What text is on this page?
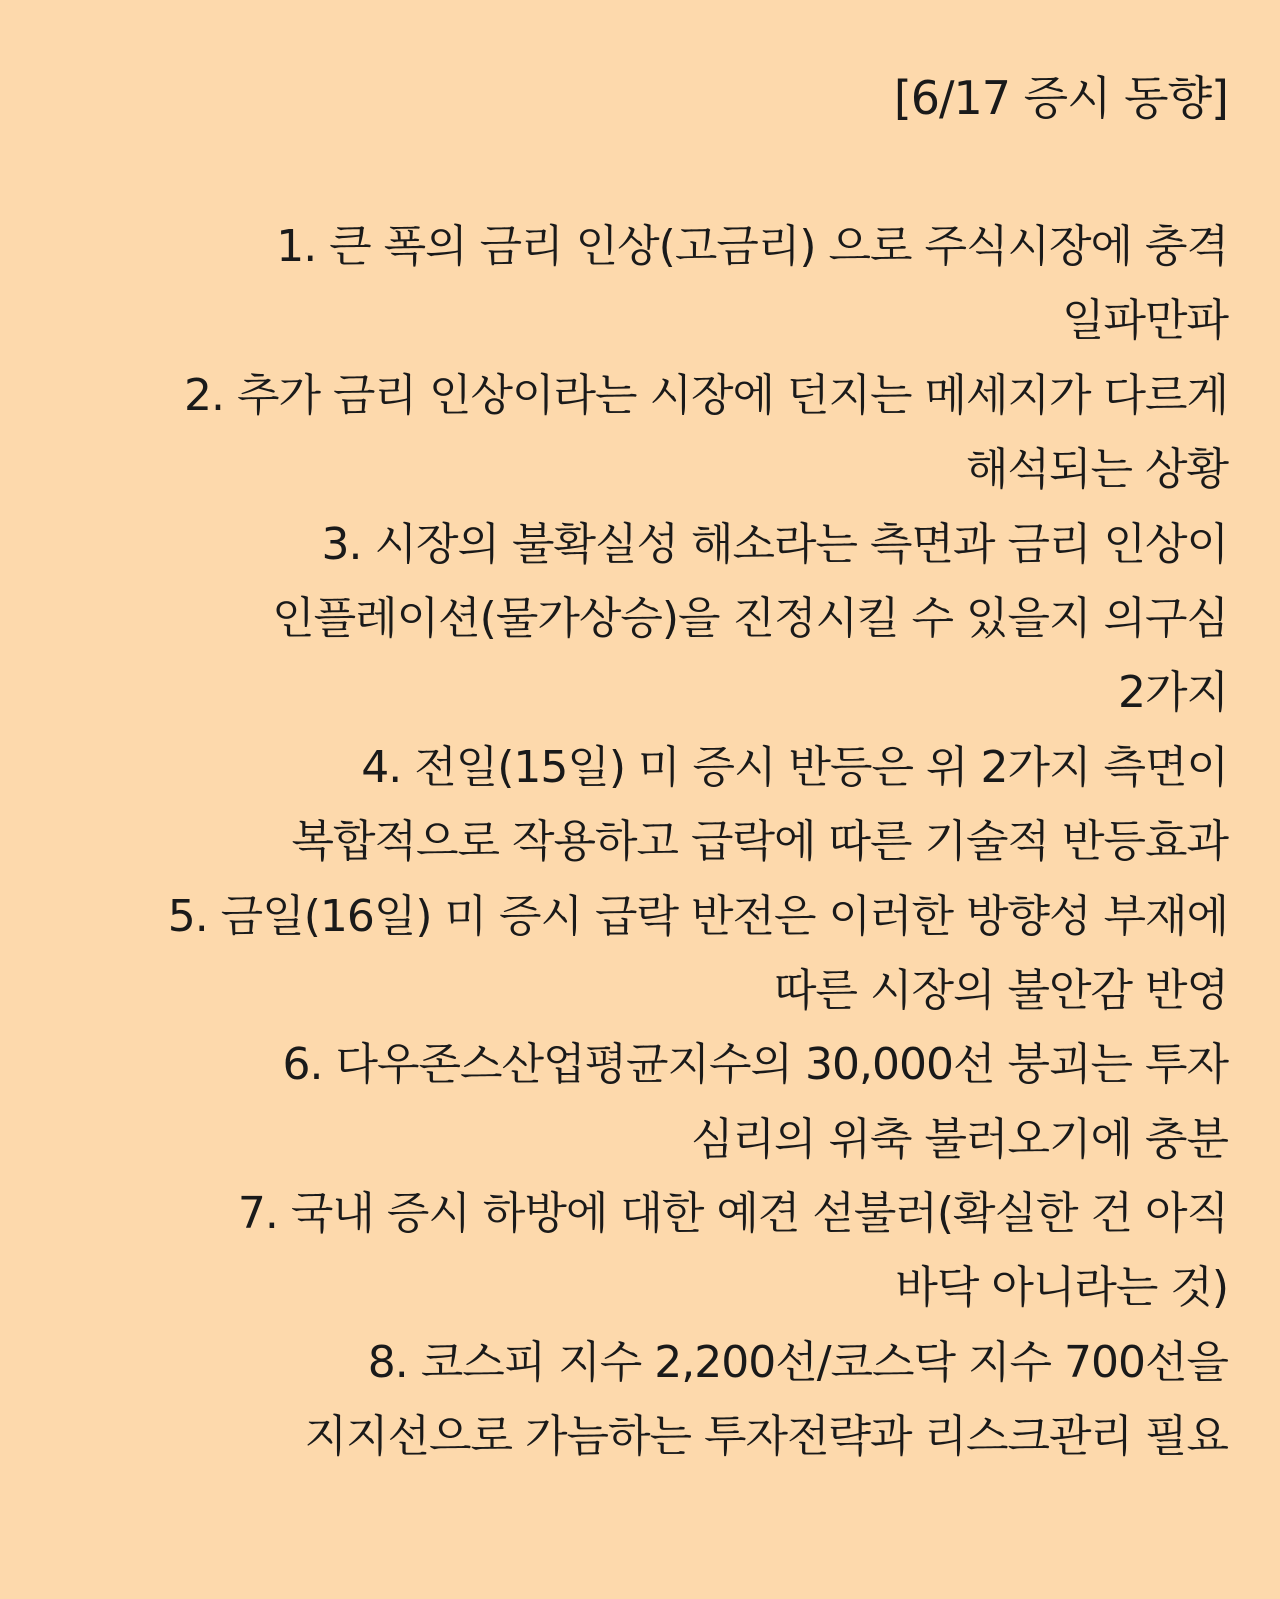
[6/17 증시 동향]
1. 큰 폭의 금리 인상(고금리) 으로 주식시장에 충격
일파만파
2. 추가 금리 인상이라는 시장에 던지는 메세지가 다르게
해석되는 상황
3. 시장의 불확실성 해소라는 측면과 금리 인상이
인플레이션(물가상승)을 진정시킬 수 있을지 의구심
2가지
4. 전일(15일) 미 증시 반등은 위 2가지 측면이
복합적으로 작용하고 급락에 따른 기술적 반등효과
5. 금일(16일) 미 증시 급락 반전은 이러한 방향성 부재에
따른 시장의 불안감 반영
6. 다우존스산업평균지수의 30,000선 붕괴는 투자
심리의 위축 불러오기에 충분
7. 국내 증시 하방에 대한 예견 섣불러(확실한 건 아직
바닥 아니라는 것)
8. 코스피 지수 2,200선/코스닥 지수 700선을
지지선으로 가늠하는 투자전략과 리스크관리 필요
